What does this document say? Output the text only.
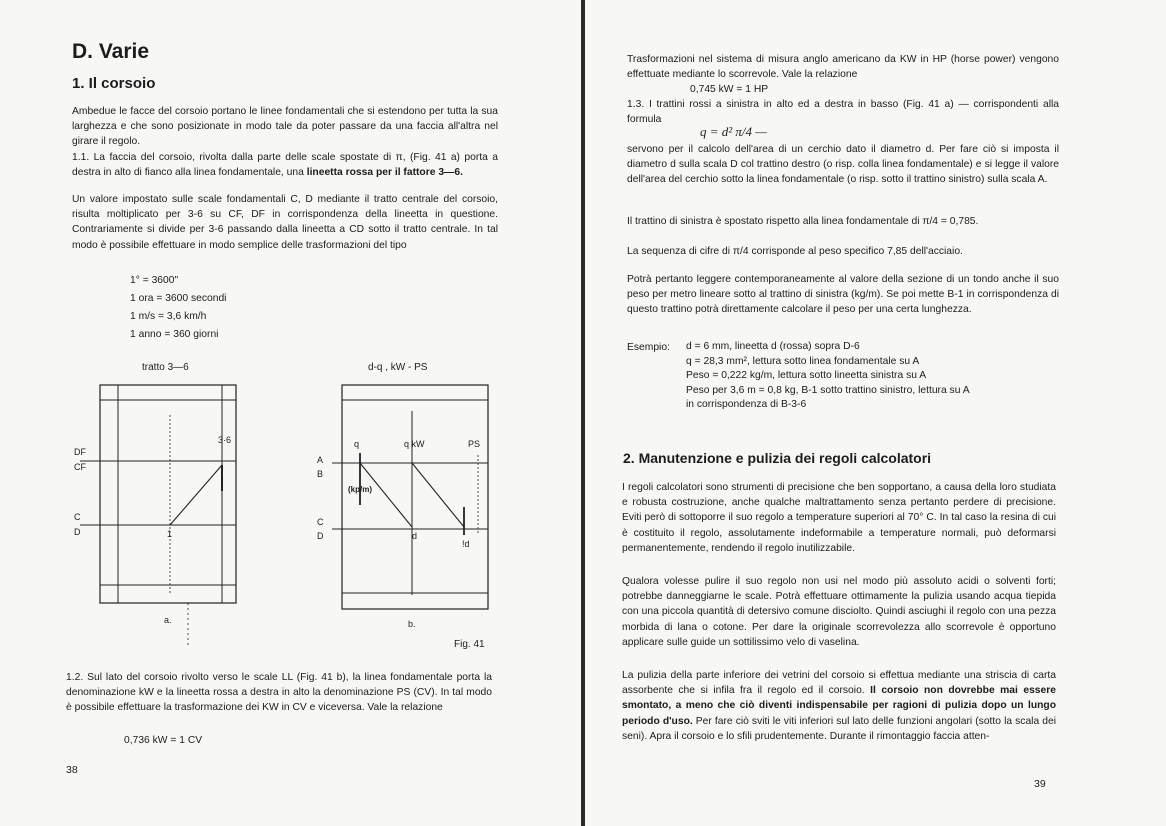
D. Varie
1. Il corsoio
Ambedue le facce del corsoio portano le linee fondamentali che si estendono per tutta la sua larghezza e che sono posizionate in modo tale da poter passare da una faccia all'altra nel girare il regolo.
1.1. La faccia del corsoio, rivolta dalla parte delle scale spostate di π, (Fig. 41 a) porta a destra in alto di fianco alla linea fondamentale, una lineetta rossa per il fattore 3—6.
Un valore impostato sulle scale fondamentali C, D mediante il tratto centrale del corsoio, risulta moltiplicato per 3-6 su CF, DF in corrispondenza della lineetta in questione. Contrariamente si divide per 3-6 passando dalla lineetta a CD sotto il tratto centrale. In tal modo è possibile effettuare in modo semplice delle trasformazioni del tipo
1° = 3600"
1 ora = 3600 secondi
1 m/s = 3,6 km/h
1 anno = 360 giorni
tratto 3—6
3·6
1
DF
CF
C
D
a.
d-q , kW - PS
q	q kW	PS
(kp/m)
d
!d
A
B
C
D
b.
Fig. 41
1.2. Sul lato del corsoio rivolto verso le scale LL (Fig. 41 b), la linea fondamentale porta la denominazione kW e la lineetta rossa a destra in alto la denominazione PS (CV). In tal modo è possibile effettuare la trasformazione dei KW in CV e viceversa. Vale la relazione
0,736 kW = 1 CV
38
Trasformazioni nel sistema di misura anglo americano da KW in HP (horse power) vengono effettuate mediante lo scorrevole. Vale la relazione
0,745 kW = 1 HP
1.3. I trattini rossi a sinistra in alto ed a destra in basso (Fig. 41 a) — corrispondenti alla formula
q = d² π/4 —
servono per il calcolo dell'area di un cerchio dato il diametro d. Per fare ciò si imposta il diametro d sulla scala D col trattino destro (o risp. colla linea fondamentale) e si legge il valore dell'area del cerchio sotto la linea fondamentale (o risp. sotto il trattino sinistro) sulla scala A.
Il trattino di sinistra è spostato rispetto alla linea fondamentale di π/4 = 0,785.
La sequenza di cifre di π/4 corrisponde al peso specifico 7,85 dell'acciaio.
Potrà pertanto leggere contemporaneamente al valore della sezione di un tondo anche il suo peso per metro lineare sotto al trattino di sinistra (kg/m). Se poi mette B-1 in corrispondenza di questo trattino potrà direttamente calcolare il peso per una certa lunghezza.
Esempio: d = 6 mm, lineetta d (rossa) sopra D-6
q = 28,3 mm², lettura sotto linea fondamentale su A
Peso = 0,222 kg/m, lettura sotto lineetta sinistra su A
Peso per 3,6 m = 0,8 kg, B-1 sotto trattino sinistro, lettura su A
in corrispondenza di B-3-6
2. Manutenzione e pulizia dei regoli calcolatori
I regoli calcolatori sono strumenti di precisione che ben sopportano, a causa della loro studiata e robusta costruzione, anche qualche maltrattamento senza pertanto perdere di precisione. Eviti però di sottoporre il suo regolo a temperature superiori al 70° C. In tal caso la resina di cui è costituito il regolo, assolutamente indeformabile a temperature normali, può deformarsi permanentemente, rendendo il regolo inutilizzabile.
Qualora volesse pulire il suo regolo non usi nel modo più assoluto acidi o solventi forti; potrebbe danneggiarne le scale. Potrà effettuare ottimamente la pulizia usando acqua tiepida con una piccola quantità di detersivo comune disciolto. Quindi asciughi il regolo con una pezza morbida di lana o cotone. Per dare la originale scorrevolezza allo scorrevole è opportuno applicare sulle guide un sottilissimo velo di vaselina.
La pulizia della parte inferiore dei vetrini del corsoio si effettua mediante una striscia di carta assorbente che si infila fra il regolo ed il corsoio. Il corsoio non dovrebbe mai essere smontato, a meno che ciò diventi indispensabile per ragioni di pulizia dopo un lungo periodo d'uso. Per fare ciò sviti le viti inferiori sul lato delle funzioni angolari (sotto la scala dei seni). Apra il corsoio e lo sfili prudentemente. Durante il rimontaggio faccia atten-
39
